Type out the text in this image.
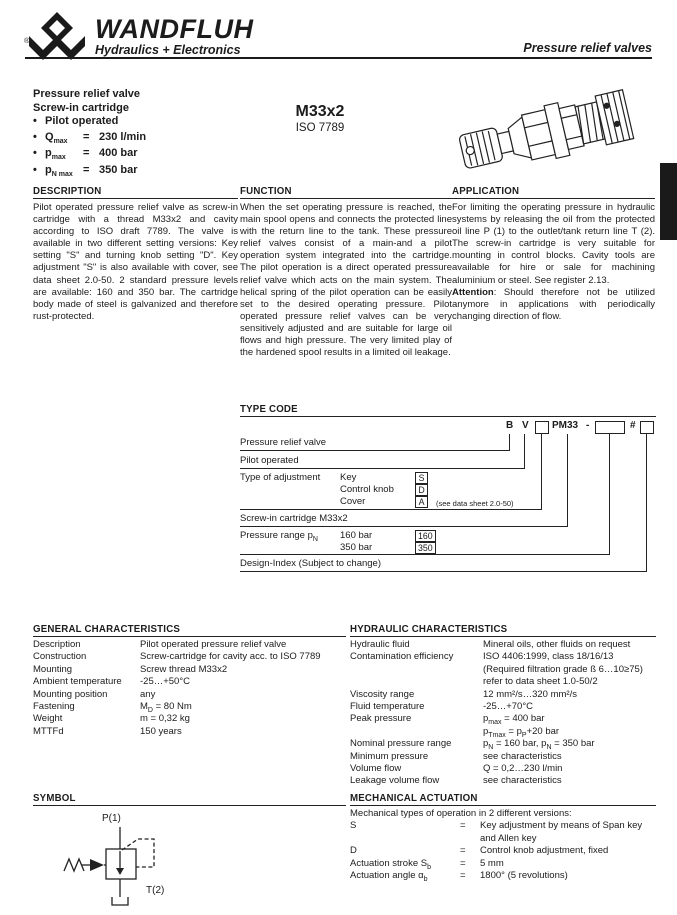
® WANDFLUH
Hydraulics + Electronics	Pressure relief valves
Pressure relief valve
Screw-in cartridge
• Pilot operated
• $Q_{max}$	= 230 l/min
• $p_{max}$	= 400 bar
• $p_{N max} = 350$ bar
M33x2
ISO 7789
DESCRIPTION
Pilot operated pressure relief valve as screw-in cartridge with a thread M33x2 and cavity according to ISO draft 7789. The valve is available in two different setting versions: Key setting "S" and turning knob setting "D". Key adjustment "S" is also available with cover, see data sheet 2.0-50. 2 standard pressure levels are available: 160 and 350 bar. The cartridge body made of steel is galvanized and therefore rust-protected.
FUNCTION
When the set operating pressure is reached, the main spool opens and connects the protected line with the return line to the tank. These pressure relief valves consist of a main-and a pilot operation system integrated into the cartridge. The pilot operation is a direct operated pressure relief valve which acts on the main system. The helical spring of the pilot operation can be easily set to the desired operating pressure. Pilot operated pressure relief valves can be very sensitively adjusted and are suitable for large oil flows and high pressure. The very limited play of the hardened spool results in a limited oil leakage.
APPLICATION
For limiting the operating pressure in hydraulic systems by releasing the oil from the protected oil line P (1) to the outlet/tank return line T (2). The screw-in cartridge is very suitable for mounting in control blocks. Cavity tools are available for hire or sale for machining aluminium or steel. See register 2.13.
Attention: Should therefore not be utilized anymore in applications with periodically changing direction of flow.
TYPE CODE
B V PM33 -	#
Pressure relief valve
Pilot operated
Type of adjustment Key	S
Control knob	D
Cover	A	(see data sheet 2.0-50)
Screw-in cartridge M33x2
Pressure range $p_N$ 160 bar	160
350 bar	350
Design-Index (Subject to change)
GENERAL CHARACTERISTICS
Description	Pilot operated pressure relief valve
Construction	Screw-cartridge for cavity acc. to ISO 7789
Mounting	Screw thread M33x2
Ambient temperature	-25…+50°C
Mounting position	any
Fastening	$M_D = 80$ Nm
Weight	m = 0,32 kg
MTTFd	150 years
HYDRAULIC CHARACTERISTICS
Hydraulic fluid	Mineral oils, other fluids on request
Contamination efficiency	ISO 4406:1999, class 18/16/13
(Required filtration grade ß 6…10≥75)
refer to data sheet 1.0-50/2
Viscosity range	12 mm²/s…320 mm²/s
Fluid temperature	-25…+70°C
Peak pressure	$p_{max} = 400$ bar
$p_{Tmax} = p_P+20$ bar
Nominal pressure range	$p_N = 160$ bar, $p_N = 350$ bar
Minimum pressure	see characteristics
Volume flow	Q = 0,2…230 l/min
Leakage volume flow	see characteristics
SYMBOL
P(1)
T(2)
MECHANICAL ACTUATION
Mechanical types of operation in 2 different versions:
S	=	Key adjustment by means of Span key
and Allen key
D	=	Control knob adjustment, fixed
Actuation stroke $S_b$	=	5 mm
Actuation angle $\alpha_b$	=	1800° (5 revolutions)
